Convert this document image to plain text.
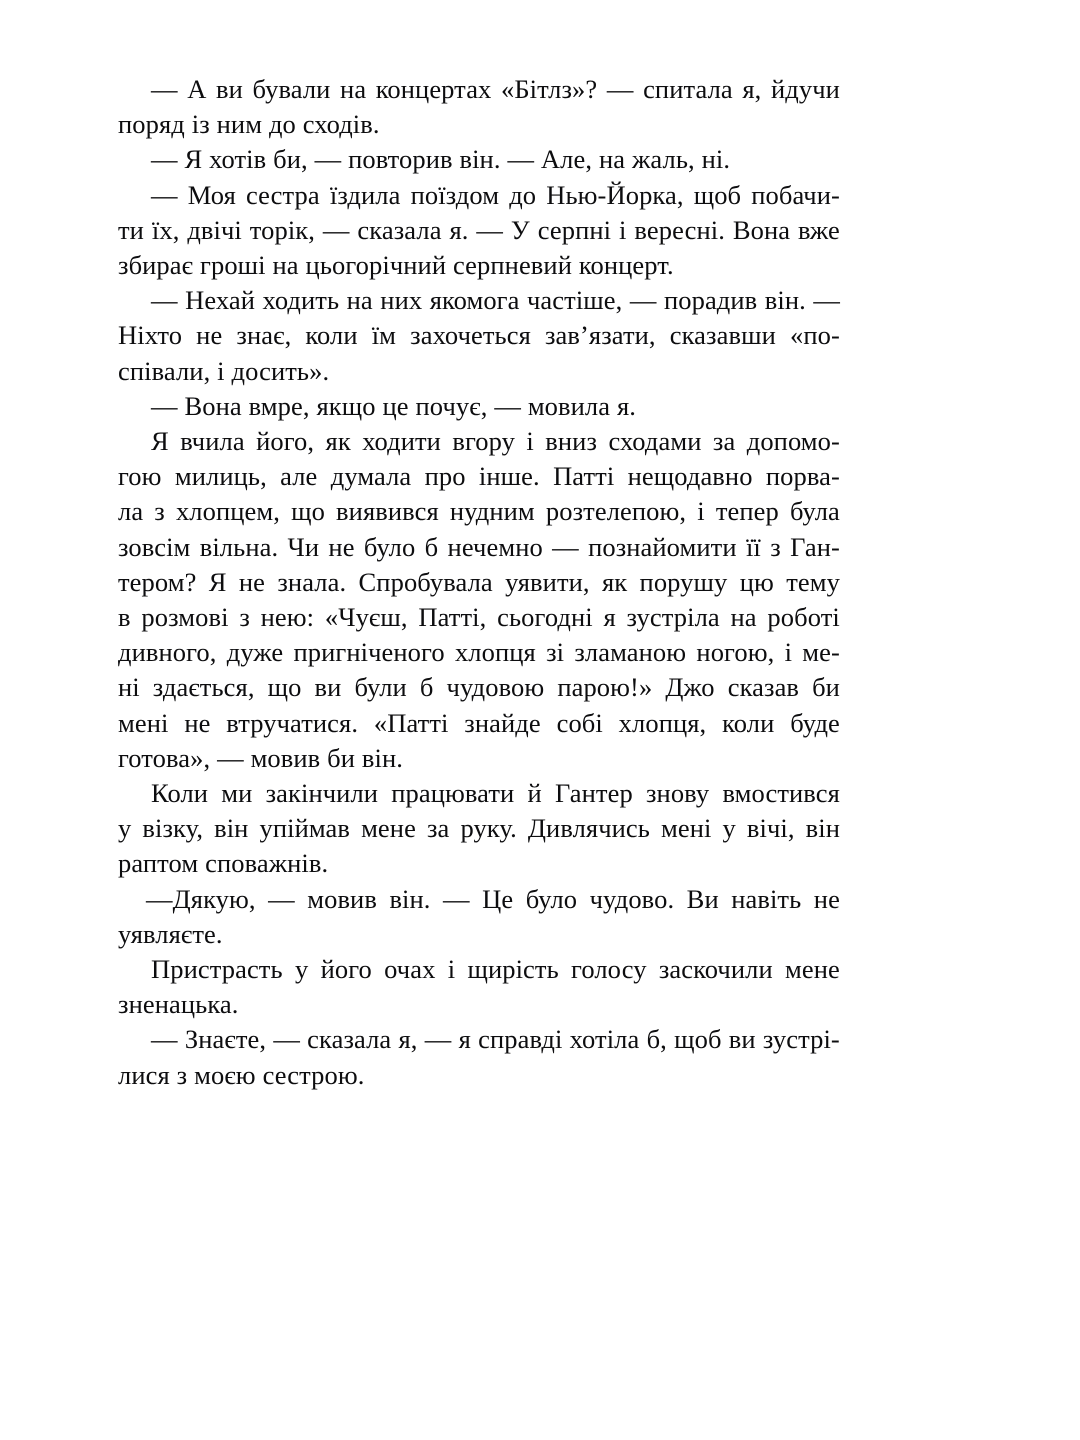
— А ви бували на концертах «Бітлз»? — спитала я, йдучи
поряд із ним до сходів.
— Я хотів би, — повторив він. — Але, на жаль, ні.
— Моя сестра їздила поїздом до Нью-Йорка, щоб побачи-
ти їх, двічі торік, — сказала я. — У серпні і вересні. Вона вже
збирає гроші на цьогорічний серпневий концерт.
— Нехай ходить на них якомога частіше, — порадив він. —
Ніхто не знає, коли їм захочеться зав’язати, сказавши «по-
співали, і досить».
— Вона вмре, якщо це почує, — мовила я.
Я вчила його, як ходити вгору і вниз сходами за допомо-
гою милиць, але думала про інше. Патті нещодавно порва-
ла з хлопцем, що виявився нудним розтелепою, і тепер була
зовсім вільна. Чи не було б нечемно — познайомити її з Ган-
тером? Я не знала. Спробувала уявити, як порушу цю тему
в розмові з нею: «Чуєш, Патті, сьогодні я зустріла на роботі
дивного, дуже пригніченого хлопця зі зламаною ногою, і ме-
ні здається, що ви були б чудовою парою!» Джо сказав би
мені не втручатися. «Патті знайде собі хлопця, коли буде
готова», — мовив би він.
Коли ми закінчили працювати й Гантер знову вмостився
у візку, він упіймав мене за руку. Дивлячись мені у вічі, він
раптом споважнів.
—Дякую, — мовив він. — Це було чудово. Ви навіть не
уявляєте.
Пристрасть у його очах і щирість голосу заскочили мене
зненацька.
— Знаєте, — сказала я, — я справді хотіла б, щоб ви зустрі-
лися з моєю сестрою.
